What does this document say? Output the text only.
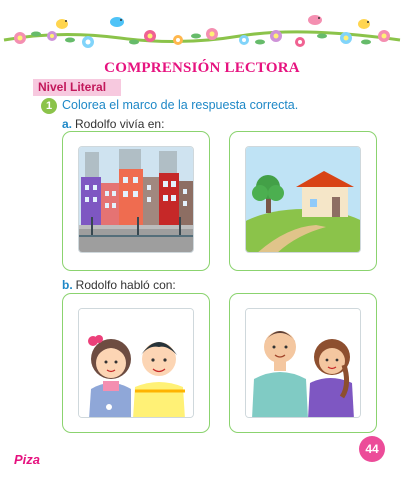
COMPRENSIÓN LECTORA
Nivel Literal
1 Colorea el marco de la respuesta correcta.
a. Rodolfo vivía en:
b. Rodolfo habló con:
Piza
44
